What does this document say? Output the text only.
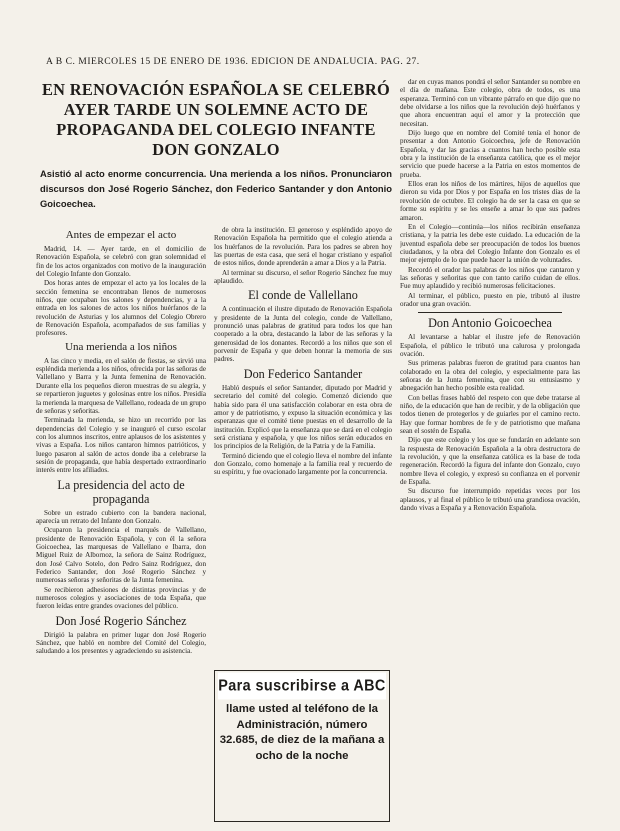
A B C. MIERCOLES 15 DE ENERO DE 1936. EDICION DE ANDALUCIA. PAG. 27.
EN RENOVACIÓN ESPAÑOLA SE CELEBRÓ AYER TARDE UN SOLEMNE ACTO DE PROPAGANDA DEL COLEGIO INFANTE DON GONZALO
Asistió al acto enorme concurrencia. Una merienda a los niños. Pronunciaron discursos don José Rogerio Sánchez, don Federico Santander y don Antonio Goicoechea.
Antes de empezar el acto

Madrid, 14. — Ayer tarde, en el domicilio de Renovación Española, se celebró con gran solemnidad el fin de los actos organizados con motivo de la inauguración del Colegio Infante don Gonzalo.

Dos horas antes de empezar el acto ya los locales de la sección femenina se encontraban llenos de numerosos niños, que ocupaban los salones y dependencias, y a la entrada en los salones de actos los niños huérfanos de la revolución de Asturias y los alumnos del Colegio Obrero de Renovación Española, acompañados de sus familias y profesores.

Una merienda a los niños

A las cinco y media, en el salón de fiestas, se sirvió una espléndida merienda a los niños, ofrecida por las señoras de Vallellano y Barra y la Junta femenina de Renovación. Durante ella los pequeños dieron muestras de su alegría, y se repartieron juguetes y golosinas entre los niños. Presidía la merienda la marquesa de Vallellano, rodeada de un grupo de señoras y señoritas.

Terminada la merienda, se hizo un recorrido por las dependencias del Colegio y se inauguró el curso escolar con los alumnos inscritos, entre aplausos de los asistentes y vivas a España. Los niños cantaron himnos patrióticos, y luego pasaron al salón de actos donde iba a celebrarse la sesión de propaganda, que había despertado extraordinario interés entre los afiliados.

La presidencia del acto de propaganda

Sobre un estrado cubierto con la bandera nacional, aparecía un retrato del Infante don Gonzalo.

Ocuparon la presidencia el marqués de Vallellano, presidente de Renovación Española, y con él la señora Goicoechea, las marquesas de Vallellano e Ibarra, don Miguel Ruiz de Albornoz, la señora de Sainz Rodríguez, don José Calvo Sotelo, don Pedro Sainz Rodríguez, don Federico Santander, don José Rogerio Sánchez y numerosas señoras y señoritas de la Junta femenina.

Se recibieron adhesiones de distintas provincias y de numerosos colegios y asociaciones de toda España, que fueron leídas entre grandes ovaciones del público.

Don José Rogerio Sánchez

Dirigió la palabra en primer lugar don José Rogerio Sánchez, que habló en nombre del Comité del Colegio, saludando a los presentes y agradeciendo su asistencia.

de obra la institución. El generoso y espléndido apoyo de Renovación Española ha permitido que el colegio atienda a los huérfanos de la revolución. Para los padres se abren hoy las puertas de esta casa, que será el hogar cristiano y español de estos niños, donde aprenderán a amar a Dios y a la Patria.

Al terminar su discurso, el señor Rogerio Sánchez fue muy aplaudido.

El conde de Vallellano

A continuación el ilustre diputado de Renovación Española y presidente de la Junta del colegio, conde de Vallellano, pronunció unas palabras de gratitud para todos los que han cooperado a la obra, destacando la labor de las señoras y la generosidad de los donantes. Recordó a los niños que son el porvenir de España y que deben honrar la memoria de sus padres.

Don Federico Santander

Habló después el señor Santander, diputado por Madrid y secretario del comité del colegio. Comenzó diciendo que había sido para él una satisfacción colaborar en esta obra de amor y de patriotismo, y expuso la situación económica y las esperanzas que el comité tiene puestas en el desarrollo de la institución. Explicó que la enseñanza que se dará en el colegio será cristiana y española, y que los niños serán educados en los principios de la Religión, de la Patria y de la Familia.

Terminó diciendo que el colegio lleva el nombre del infante don Gonzalo, como homenaje a la familia real y recuerdo de su espíritu, y fue ovacionado largamente por la concurrencia.

Para suscribirse a ABC
llame usted al teléfono de la Administración, número 32.685, de diez de la mañana a ocho de la noche

dar en cuyas manos pondrá el señor Santander su nombre en el día de mañana. Este colegio, obra de todos, es una esperanza. Terminó con un vibrante párrafo en que dijo que no debe olvidarse a los niños que la revolución dejó huérfanos y que ahora encuentran aquí el amor y la protección que necesitan.

Dijo luego que en nombre del Comité tenía el honor de presentar a don Antonio Goicoechea, jefe de Renovación Española, y dar las gracias a cuantos han hecho posible esta obra y la institución de la enseñanza católica, que es el mejor servicio que puede hacerse a la Patria en estos momentos de prueba.

Ellos eran los niños de los mártires, hijos de aquellos que dieron su vida por Dios y por España en los tristes días de la revolución de octubre. El colegio ha de ser la casa en que se forme su espíritu y se les enseñe a amar lo que sus padres amaron.

En el Colegio—continúa—los niños recibirán enseñanza cristiana, y la patria les debe este cuidado. La educación de la juventud española debe ser preocupación de todos los buenos ciudadanos, y la obra del Colegio Infante don Gonzalo es el mejor ejemplo de lo que puede hacer la unión de voluntades.

Recordó el orador las palabras de los niños que cantaron y las señoras y señoritas que con tanto cariño cuidan de ellos. Fue muy aplaudido y recibió numerosas felicitaciones.

Al terminar, el público, puesto en pie, tributó al ilustre orador una gran ovación.

Don Antonio Goicoechea

Al levantarse a hablar el ilustre jefe de Renovación Española, el público le tributó una calurosa y prolongada ovación.

Sus primeras palabras fueron de gratitud para cuantos han colaborado en la obra del colegio, y especialmente para las señoras de la Junta femenina, que con su entusiasmo y abnegación han hecho posible esta realidad.

Con bellas frases habló del respeto con que debe tratarse al niño, de la educación que han de recibir, y de la obligación que todos tienen de protegerlos y de guiarles por el camino recto. Hay que formar hombres de fe y de patriotismo que mañana sean el sostén de España.

Dijo que este colegio y los que se fundarán en adelante son la respuesta de Renovación Española a la obra destructora de la revolución, y que la enseñanza católica es la base de toda regeneración. Recordó la figura del infante don Gonzalo, cuyo nombre lleva el colegio, y expresó su confianza en el porvenir de España.

Su discurso fue interrumpido repetidas veces por los aplausos, y al final el público le tributó una grandiosa ovación, dando vivas a España y a Renovación Española.
